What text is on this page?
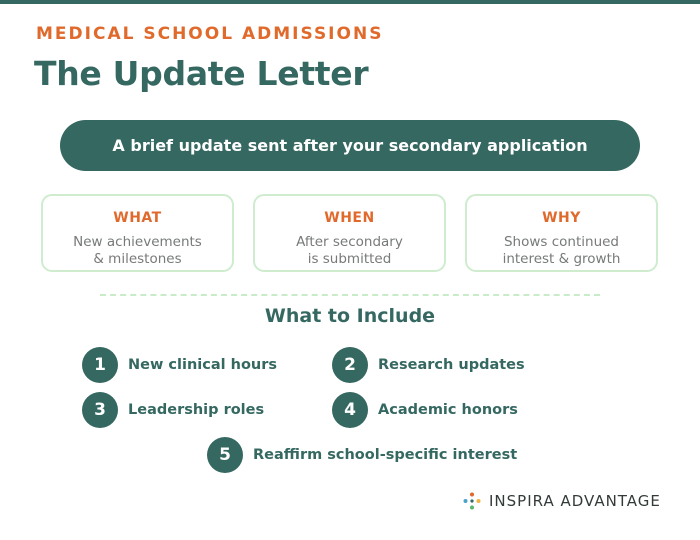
MEDICAL SCHOOL ADMISSIONS
The Update Letter
A brief update sent after your secondary application
WHAT
New achievements
& milestones
WHEN
After secondary
is submitted
WHY
Shows continued
interest & growth
What to Include
1	New clinical hours	2	Research updates
3	Leadership roles	4	Academic honors
5	Reaffirm school-specific interest
INSPIRA ADVANTAGE
